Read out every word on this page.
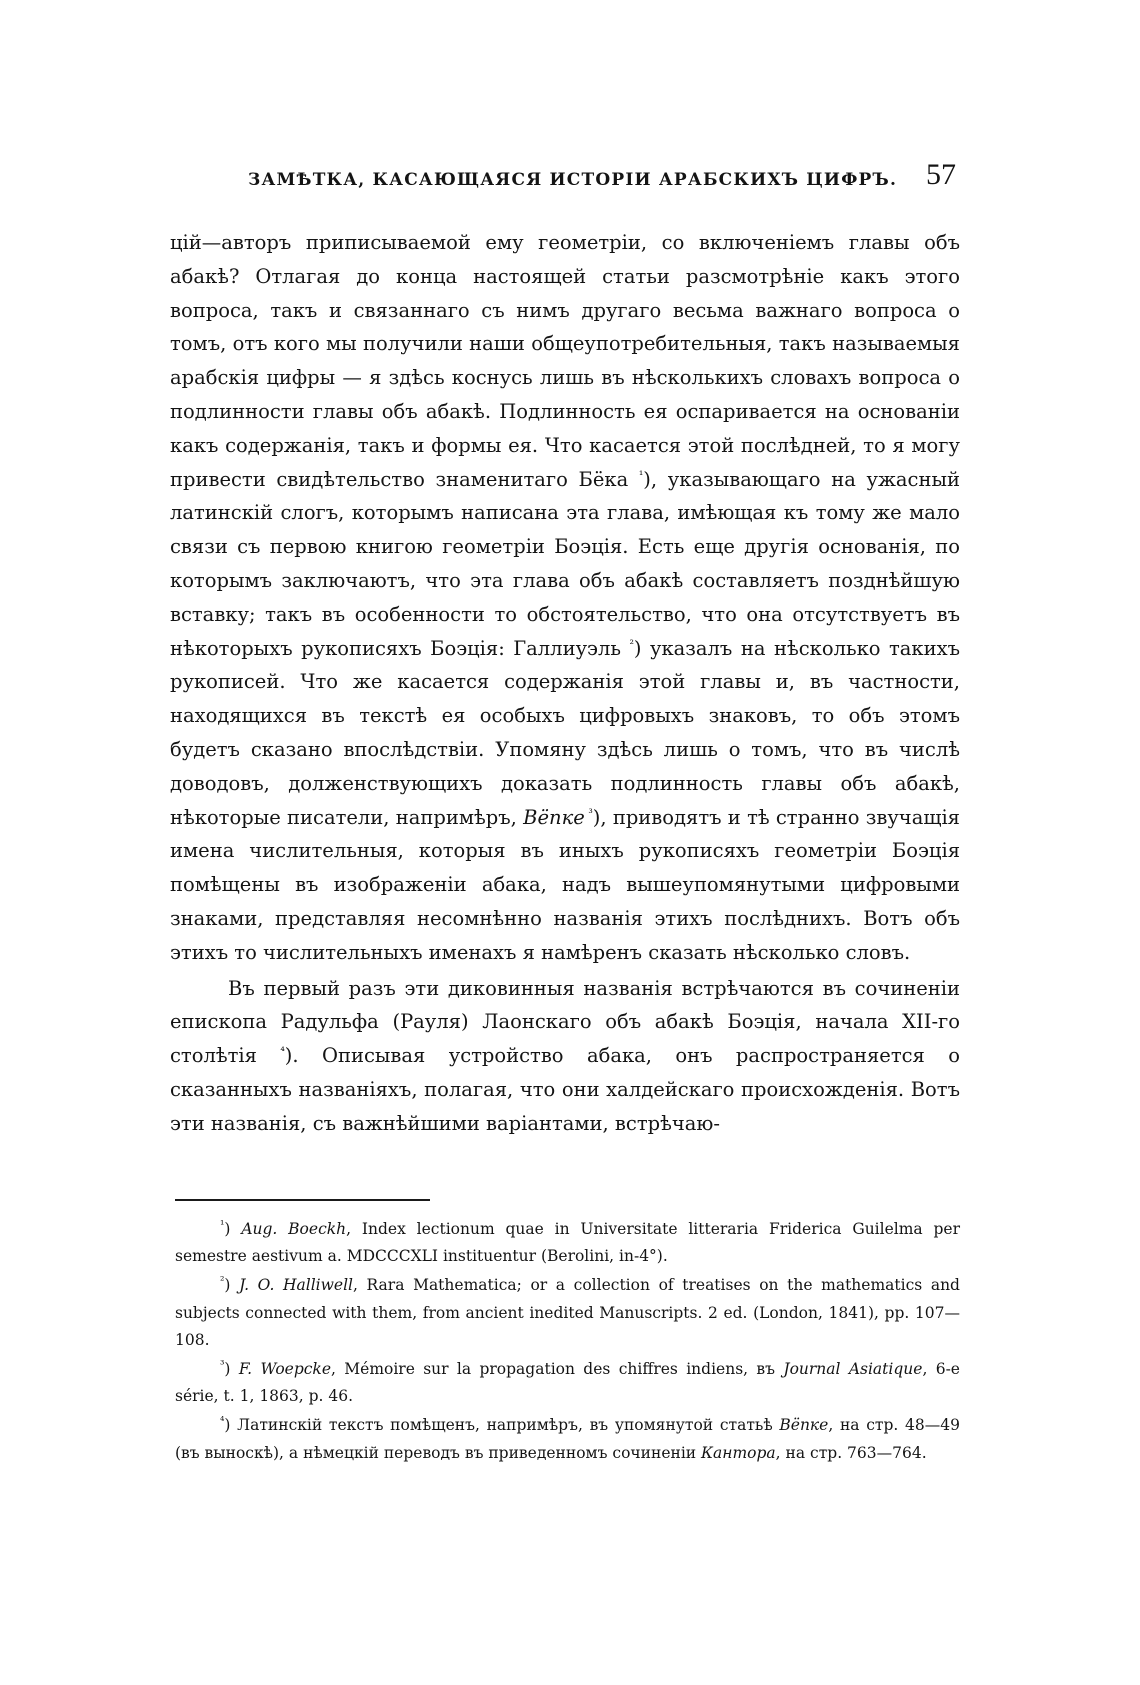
ЗАМѢТКА, КАСАЮЩАЯСЯ ИСТОРІИ АРАБСКИХЪ ЦИФРЪ. 57

цій—авторъ приписываемой ему геометріи, со включеніемъ главы объ абакѣ? Отлагая до конца настоящей статьи разсмотрѣніе какъ этого вопроса, такъ и связаннаго съ нимъ другаго весьма важнаго вопроса о томъ, отъ кого мы получили наши общеупотребительныя, такъ называемыя арабскія цифры — я здѣсь коснусь лишь въ нѣсколькихъ словахъ вопроса о подлинности главы объ абакѣ. Подлинность ея оспаривается на основаніи какъ содержанія, такъ и формы ея. Что касается этой послѣдней, то я могу привести свидѣтельство знаменитаго Бёка $^{^1}$), указывающаго на ужасный латинскій слогъ, которымъ написана эта глава, имѣющая къ тому же мало связи съ первою книгою геометріи Боэція. Есть еще другія основанія, по которымъ заключаютъ, что эта глава объ абакѣ составляетъ позднѣйшую вставку; такъ въ особенности то обстоятельство, что она отсутствуетъ въ нѣкоторыхъ рукописяхъ Боэція: Галлиуэль $^{^2}$) указалъ на нѣсколько такихъ рукописей. Что же касается содержанія этой главы и, въ частности, находящихся въ текстѣ ея особыхъ цифровыхъ знаковъ, то объ этомъ будетъ сказано впослѣдствіи. Упомяну здѣсь лишь о томъ, что въ числѣ доводовъ, долженствующихъ доказать подлинность главы объ абакѣ, нѣкоторые писатели, напримѣръ, Вёпке $^{^3}$), приводятъ и тѣ странно звучащія имена числительныя, которыя въ иныхъ рукописяхъ геометріи Боэція помѣщены въ изображеніи абака, надъ вышеупомянутыми цифровыми знаками, представляя несомнѣнно названія этихъ послѣднихъ. Вотъ объ этихъ то числительныхъ именахъ я намѣренъ сказать нѣсколько словъ.

Въ первый разъ эти диковинныя названія встрѣчаются въ сочиненіи епископа Радульфа (Рауля) Лаонскаго объ абакѣ Боэція, начала XII-го столѣтія $^{^4}$). Описывая устройство абака, онъ распространяется о сказанныхъ названіяхъ, полагая, что они халдейскаго происхожденія. Вотъ эти названія, съ важнѣйшими варіантами, встрѣчаю-

$^{^1}$) Aug. Boeckh, Index lectionum quae in Universitate litteraria Friderica Guilelma per semestre aestivum a. MDCCCXLI instituentur (Berolini, in-4°).

$^{^2}$) J. O. Halliwell, Rara Mathematica; or a collection of treatises on the mathematics and subjects connected with them, from ancient inedited Manuscripts. 2 ed. (London, 1841), pp. 107—108.

$^{^3}$) F. Woepcke, Mémoire sur la propagation des chiffres indiens, въ Journal Asiatique, 6-e série, t. 1, 1863, p. 46.

$^{^4}$) Латинскій текстъ помѣщенъ, напримѣръ, въ упомянутой статьѣ Вёпке, на стр. 48—49 (въ выноскѣ), а нѣмецкій переводъ въ приведенномъ сочиненіи Кантора, на стр. 763—764.
